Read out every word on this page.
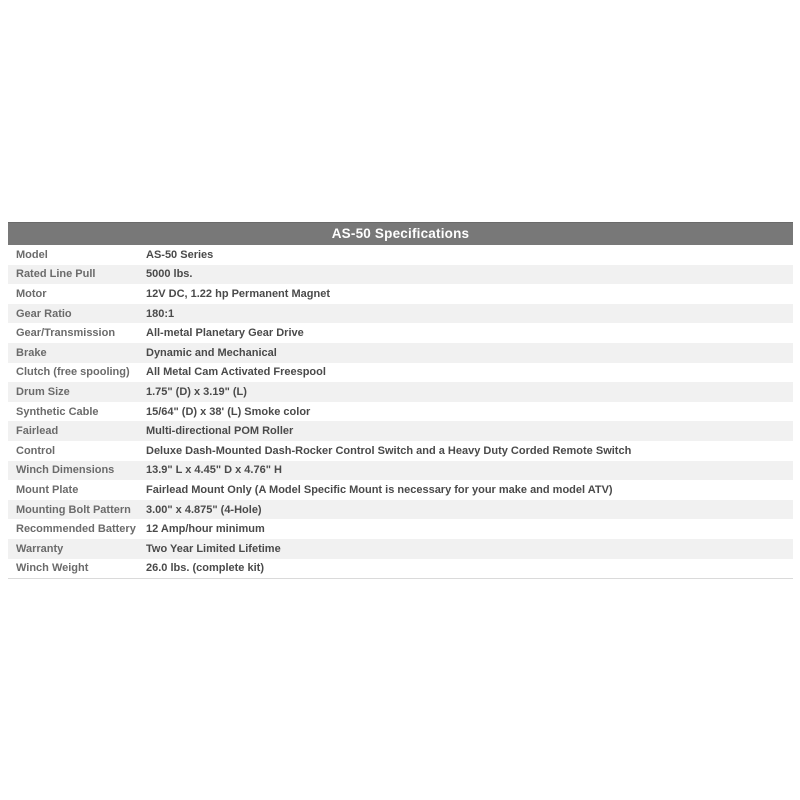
AS-50 Specifications
Model	AS-50 Series
Rated Line Pull	5000 lbs.
Motor	12V DC, 1.22 hp Permanent Magnet
Gear Ratio	180:1
Gear/Transmission	All-metal Planetary Gear Drive
Brake	Dynamic and Mechanical
Clutch (free spooling)	All Metal Cam Activated Freespool
Drum Size	1.75" (D) x 3.19" (L)
Synthetic Cable	15/64" (D) x 38' (L) Smoke color
Fairlead	Multi-directional POM Roller
Control	Deluxe Dash-Mounted Dash-Rocker Control Switch and a Heavy Duty Corded Remote Switch
Winch Dimensions	13.9" L x 4.45" D x 4.76" H
Mount Plate	Fairlead Mount Only (A Model Specific Mount is necessary for your make and model ATV)
Mounting Bolt Pattern	3.00" x 4.875" (4-Hole)
Recommended Battery 12 Amp/hour minimum
Warranty	Two Year Limited Lifetime
Winch Weight	26.0 lbs. (complete kit)
